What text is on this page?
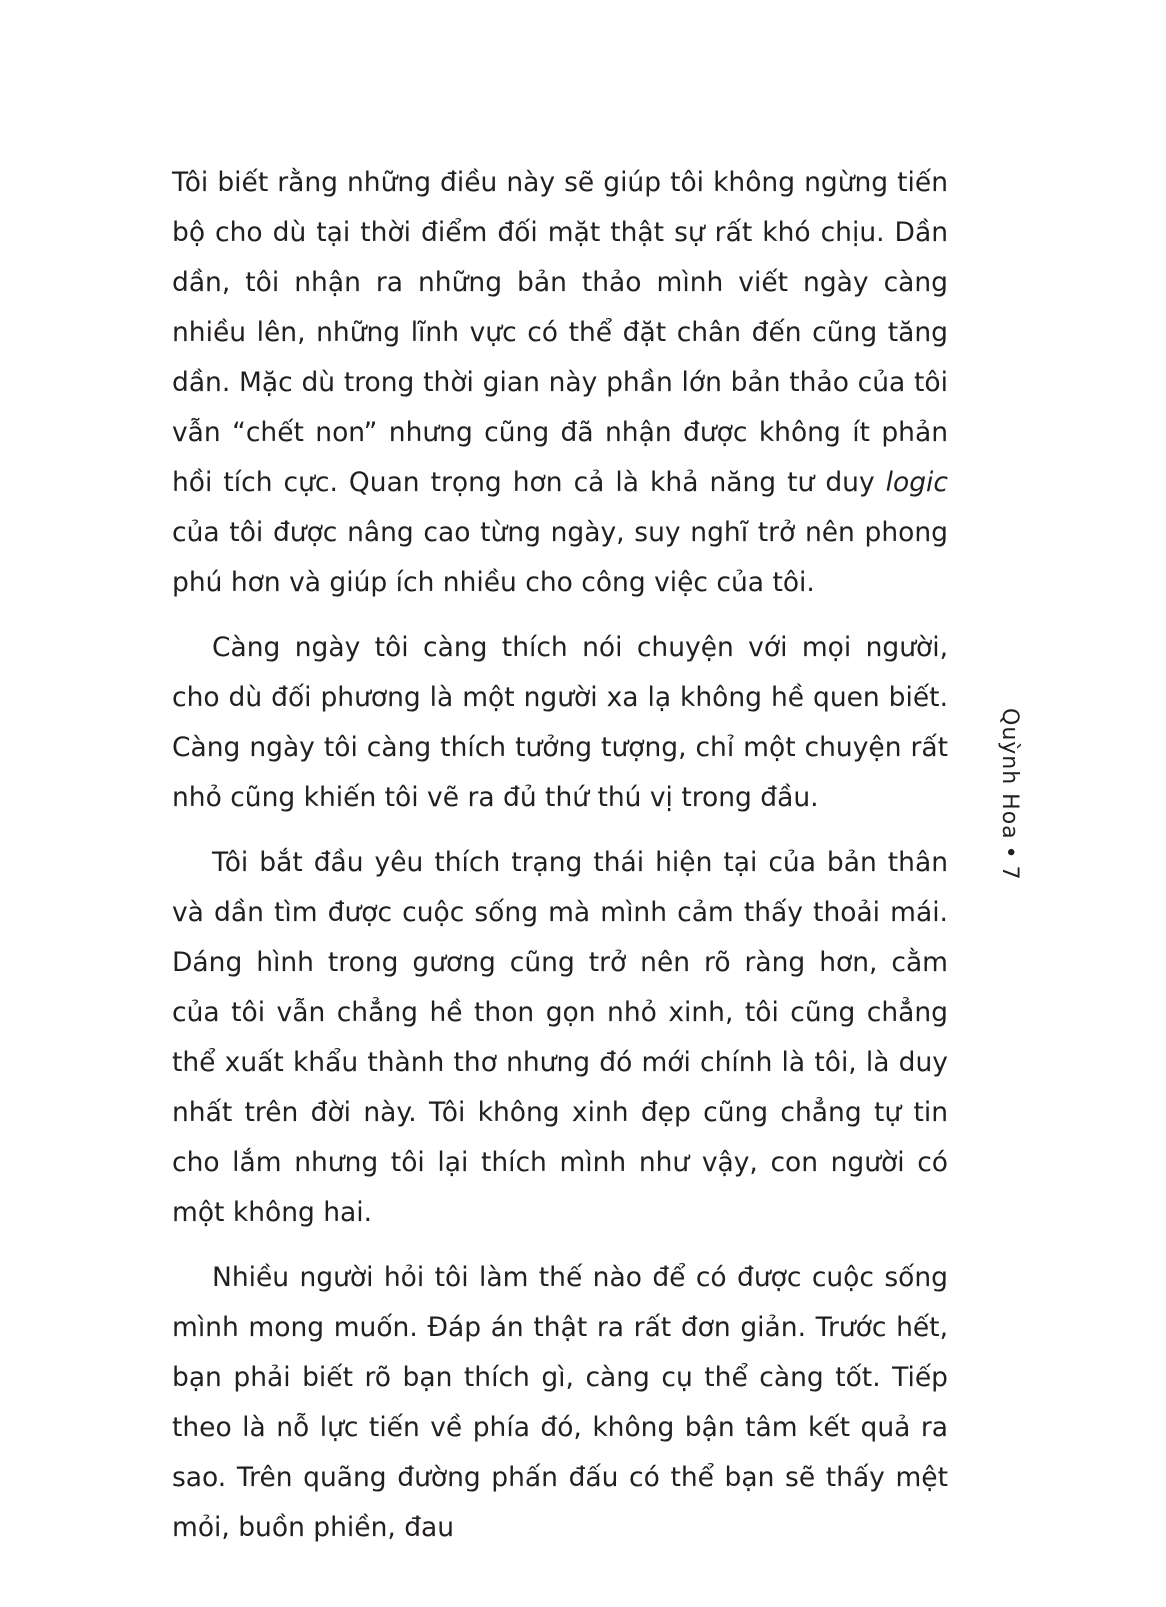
Tôi biết rằng những điều này sẽ giúp tôi không ngừng tiến bộ cho dù tại thời điểm đối mặt thật sự rất khó chịu. Dần dần, tôi nhận ra những bản thảo mình viết ngày càng nhiều lên, những lĩnh vực có thể đặt chân đến cũng tăng dần. Mặc dù trong thời gian này phần lớn bản thảo của tôi vẫn “chết non” nhưng cũng đã nhận được không ít phản hồi tích cực. Quan trọng hơn cả là khả năng tư duy logic của tôi được nâng cao từng ngày, suy nghĩ trở nên phong phú hơn và giúp ích nhiều cho công việc của tôi.

Càng ngày tôi càng thích nói chuyện với mọi người, cho dù đối phương là một người xa lạ không hề quen biết. Càng ngày tôi càng thích tưởng tượng, chỉ một chuyện rất nhỏ cũng khiến tôi vẽ ra đủ thứ thú vị trong đầu.

Tôi bắt đầu yêu thích trạng thái hiện tại của bản thân và dần tìm được cuộc sống mà mình cảm thấy thoải mái. Dáng hình trong gương cũng trở nên rõ ràng hơn, cằm của tôi vẫn chẳng hề thon gọn nhỏ xinh, tôi cũng chẳng thể xuất khẩu thành thơ nhưng đó mới chính là tôi, là duy nhất trên đời này. Tôi không xinh đẹp cũng chẳng tự tin cho lắm nhưng tôi lại thích mình như vậy, con người có một không hai.

Nhiều người hỏi tôi làm thế nào để có được cuộc sống mình mong muốn. Đáp án thật ra rất đơn giản. Trước hết, bạn phải biết rõ bạn thích gì, càng cụ thể càng tốt. Tiếp theo là nỗ lực tiến về phía đó, không bận tâm kết quả ra sao. Trên quãng đường phấn đấu có thể bạn sẽ thấy mệt mỏi, buồn phiền, đau

Quỳnh Hoa•7
